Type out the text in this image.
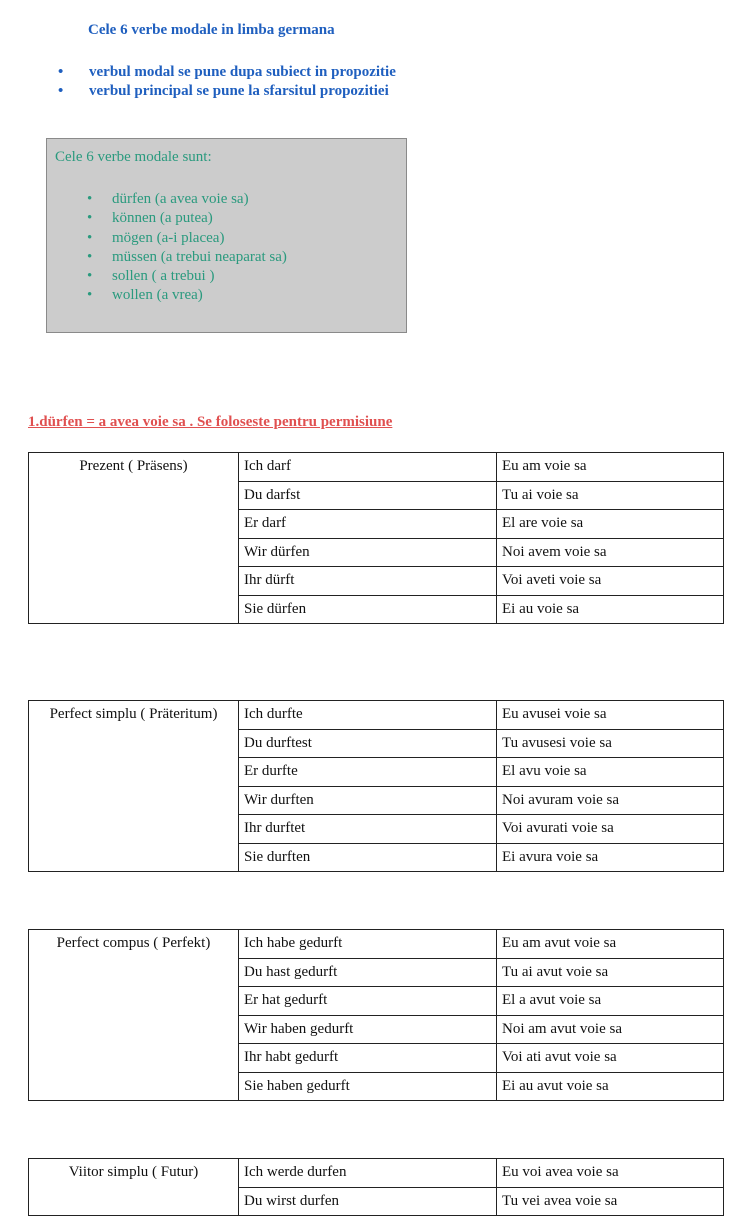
Cele 6 verbe modale in limba germana
• verbul modal se pune dupa subiect in propozitie
• verbul principal se pune la sfarsitul propozitiei
Cele 6 verbe modale sunt:
• dürfen (a avea voie sa)
• können (a putea)
• mögen (a-i placea)
• müssen (a trebui neaparat sa)
• sollen ( a trebui )
• wollen (a vrea)
1.dürfen = a avea voie sa . Se foloseste pentru permisiune
Prezent ( Präsens)	Ich darf	Eu am voie sa
	Du darfst	Tu ai voie sa
	Er darf	El are voie sa
	Wir dürfen	Noi avem voie sa
	Ihr dürft	Voi aveti voie sa
	Sie dürfen	Ei au voie sa
Perfect simplu ( Präteritum)	Ich durfte	Eu avusei voie sa
	Du durftest	Tu avusesi voie sa
	Er durfte	El avu voie sa
	Wir durften	Noi avuram voie sa
	Ihr durftet	Voi avurati voie sa
	Sie durften	Ei avura voie sa
Perfect compus ( Perfekt)	Ich habe gedurft	Eu am avut voie sa
	Du hast gedurft	Tu ai avut voie sa
	Er hat gedurft	El a avut voie sa
	Wir haben gedurft	Noi am avut voie sa
	Ihr habt gedurft	Voi ati avut voie sa
	Sie haben gedurft	Ei au avut voie sa
Viitor simplu ( Futur)	Ich werde durfen	Eu voi avea voie sa
	Du wirst durfen	Tu vei avea voie sa
